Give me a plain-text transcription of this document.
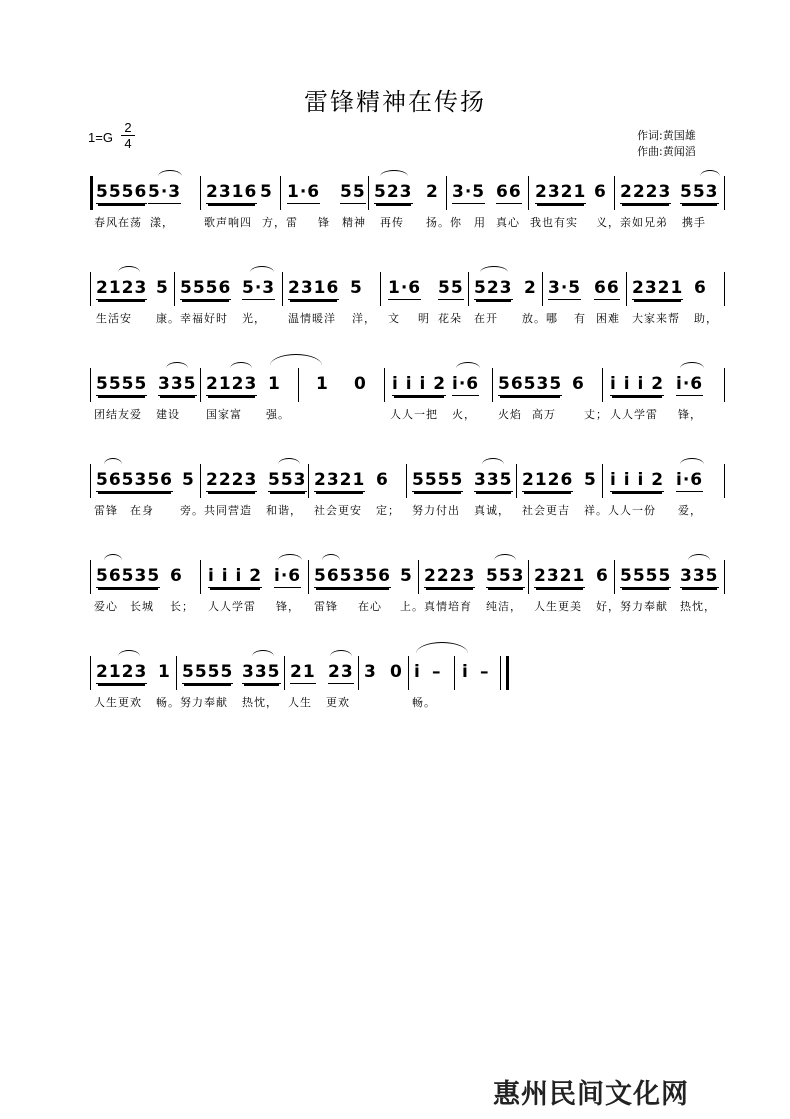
雷锋精神在传扬
1=G
2
4
作词:黄国雄
作曲:黄闻滔
5556 5·3 2316 5 1·6 55 523 2 3·5 66 2321 6 2223 553
春风在荡 漾，	歌声响四 方，雷 锋 精神 再传 扬。你 用 真心 我也有实 义，亲如兄弟 携手
2123 5 5556 5·3 2316 5 1·6 55 523 2 3·5 66 2321 6
生活安 康。幸福好时 光， 温情暖洋 洋， 文 明 花朵 在开 放。哪 有 困难 大家来帮 助，
5555 335 2123 1 1 0 i i i 2 i·6 56535 6 i i i 2 i·6
团结友爱 建设 国家富 强。	人人一把 火， 火焰 高万	丈； 人人学雷 锋，
565356 5 2223 553 2321 6 5555 335 2126 5 i i i 2 i·6
雷锋 在身 旁。共同营造 和谐， 社会更安 定； 努力付出 真诚， 社会更吉 祥。人人一份 爱，
56535 6 i i i 2 i·6 565356 5 2223 553 2321 6 5555 335
爱心 长城 长； 人人学雷 锋， 雷锋 在心 上。真情培育 纯洁， 人生更美 好，努力奉献 热忱，
2123 1 5555 335 21 23 3 0 i – i –
人生更欢 畅。努力奉献 热忱， 人生 更欢	畅。
惠州民间文化网
